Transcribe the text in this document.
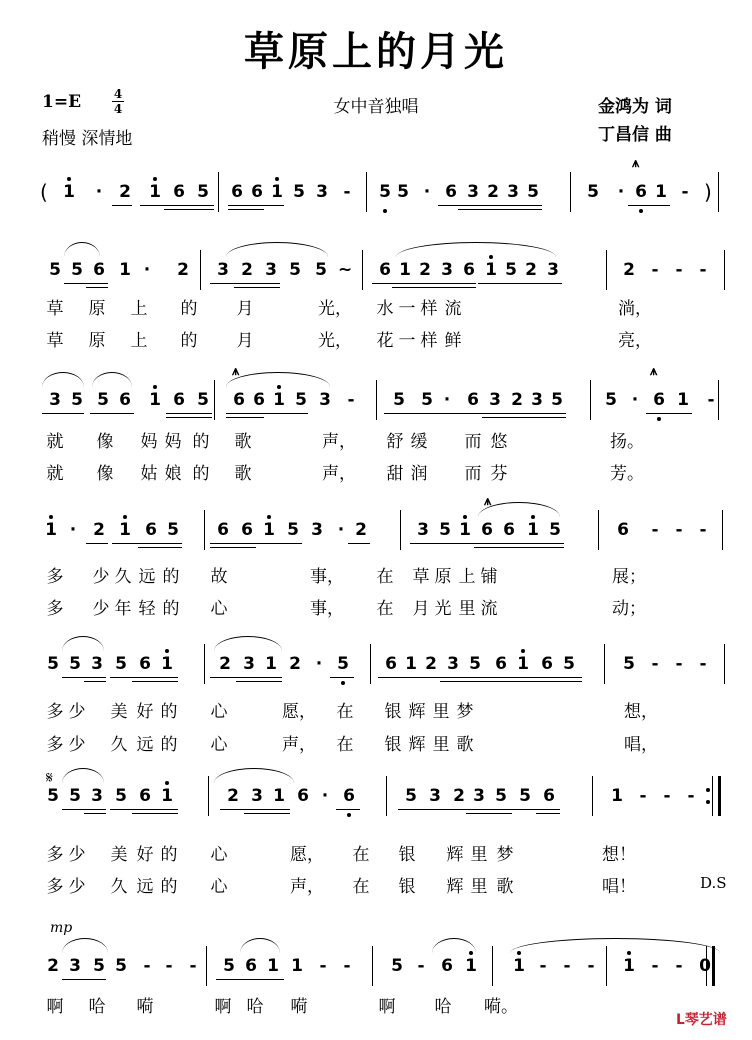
草原上的月光
1=E	4
4
稍慢 深情地
女中音独唱	金鸿为 词
丁昌信 曲
𝄋
D.S
mp
(	)
1 · 2 1 6 5 6 6 1 5 3 - 5 5 · 6 3 2 3 5	5 · 6 1 -
⩚
5 5 6 1 · 2 3 2 3 5 5 ~ 6 1 2 3 6 1 5 2 3	2 - - -
3 5 5 6 1 6 5 6 6 1 5 3 - 5 5 · 6 3 2 3 5 5 · 6 1 -
⩚	⩚
1 · 2 1 6 5 6 6 1 5 3 · 2	3 5 1 6 6 1 5	6 - - -
⩚
5 5 3 5 6 1	2 3 1 2 · 5 6 1 2 3 5 6 1 6 5	5 - - -
5 5 3 5 6 1	2 3 1 6 · 6	5 3 2 3 5 5 6	1 - - -
2 3 5 5 - - - 5 6 1 1 - - 5 - 6 1 1 - - - 1 - - 0
草 原 上 的 月	光， 水 一 样 流	淌，
草 原 上 的 月	光， 花 一 样 鲜	亮，
就 像 妈 妈 的 歌	声， 舒 缓 而 悠	扬。
就 像 姑 娘 的 歌	声， 甜 润 而 芬	芳。
多 少 久 远 的 故	事， 在 草 原 上 铺	展；
多 少 年 轻 的 心	事， 在 月 光 里 流	动；
多 少 美 好 的 心	愿， 在 银 辉 里 梦	想，
多 少 久 远 的 心	声， 在 银 辉 里 歌	唱，
多 少 美 好 的 心	愿， 在 银 辉 里 梦	想！
多 少 久 远 的 心	声， 在 银 辉 里 歌	唱！
啊 哈 嗬	啊 哈 嗬	啊 哈 嗬。
ᒪ琴艺谱
